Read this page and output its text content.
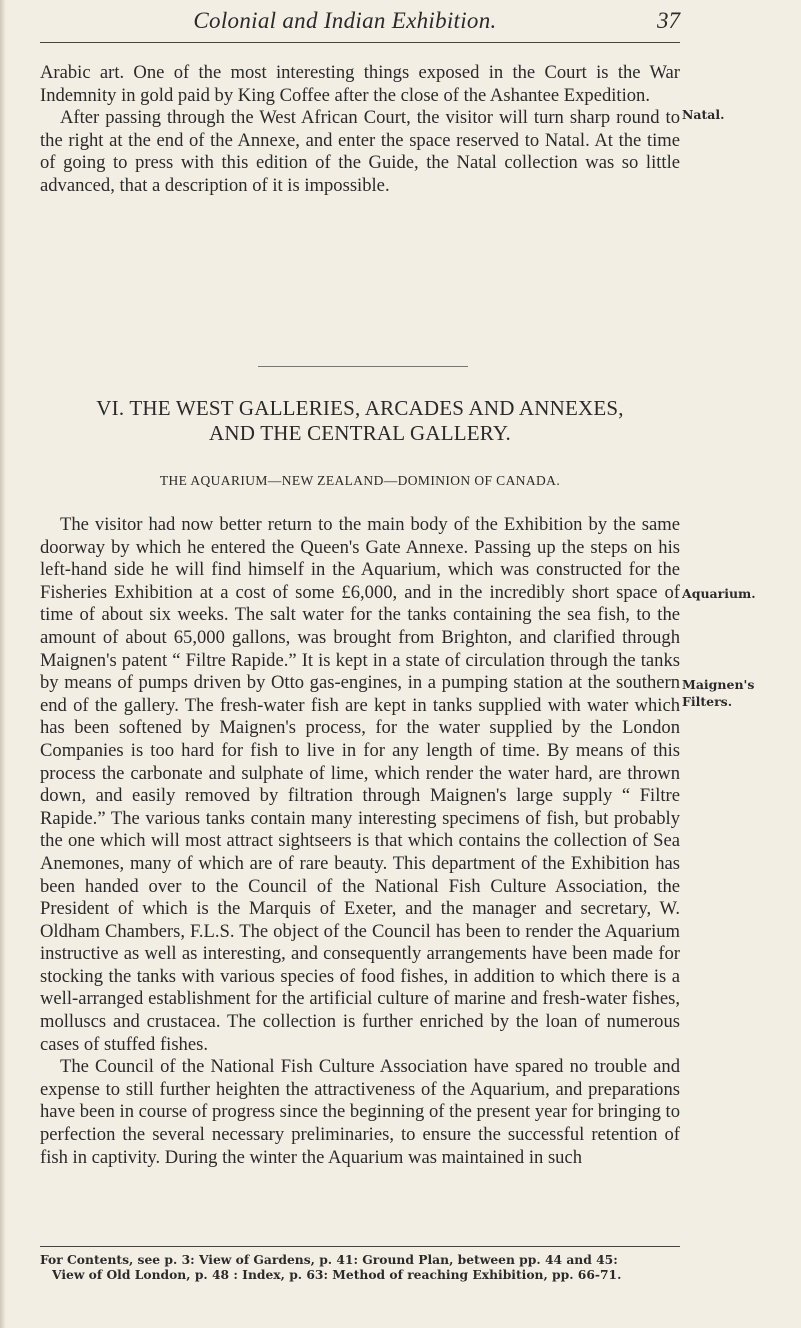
Colonial and Indian Exhibition.	37

Arabic art. One of the most interesting things exposed in the Court is the War Indemnity in gold paid by King Coffee after the close of the Ashantee Expedition.

After passing through the West African Court, the visitor will turn sharp round to the right at the end of the Annexe, and enter the space reserved to Natal. At the time of going to press with this edition of the Guide, the Natal collection was so little advanced, that a description of it is impossible.

Natal.
VI. THE WEST GALLERIES, ARCADES AND ANNEXES,
AND THE CENTRAL GALLERY.
THE AQUARIUM—NEW ZEALAND—DOMINION OF CANADA.

The visitor had now better return to the main body of the Exhibition by the same doorway by which he entered the Queen's Gate Annexe. Passing up the steps on his left-hand side he will find himself in the Aquarium, which was constructed for the Fisheries Exhibition at a cost of some £6,000, and in the incredibly short space of time of about six weeks. The salt water for the tanks containing the sea fish, to the amount of about 65,000 gallons, was brought from Brighton, and clarified through Maignen's patent “ Filtre Rapide.” It is kept in a state of circulation through the tanks by means of pumps driven by Otto gas-engines, in a pumping station at the southern end of the gallery. The fresh-water fish are kept in tanks supplied with water which has been softened by Maignen's process, for the water supplied by the London Companies is too hard for fish to live in for any length of time. By means of this process the carbonate and sulphate of lime, which render the water hard, are thrown down, and easily removed by filtration through Maignen's large supply “ Filtre Rapide.” The various tanks contain many interesting specimens of fish, but probably the one which will most attract sightseers is that which contains the collection of Sea Anemones, many of which are of rare beauty. This department of the Exhibition has been handed over to the Council of the National Fish Culture Association, the President of which is the Marquis of Exeter, and the manager and secretary, W. Oldham Chambers, F.L.S. The object of the Council has been to render the Aquarium instructive as well as interesting, and consequently arrangements have been made for stocking the tanks with various species of food fishes, in addition to which there is a well-arranged establishment for the artificial culture of marine and fresh-water fishes, molluscs and crustacea. The collection is further enriched by the loan of numerous cases of stuffed fishes.

The Council of the National Fish Culture Association have spared no trouble and expense to still further heighten the attractiveness of the Aquarium, and preparations have been in course of progress since the beginning of the present year for bringing to perfection the several necessary preliminaries, to ensure the successful retention of fish in captivity. During the winter the Aquarium was maintained in such

Aquarium.
Maignen's
Filters.
For Contents, see p. 3: View of Gardens, p. 41: Ground Plan, between pp. 44 and 45:
View of Old London, p. 48 : Index, p. 63: Method of reaching Exhibition, pp. 66-71.
